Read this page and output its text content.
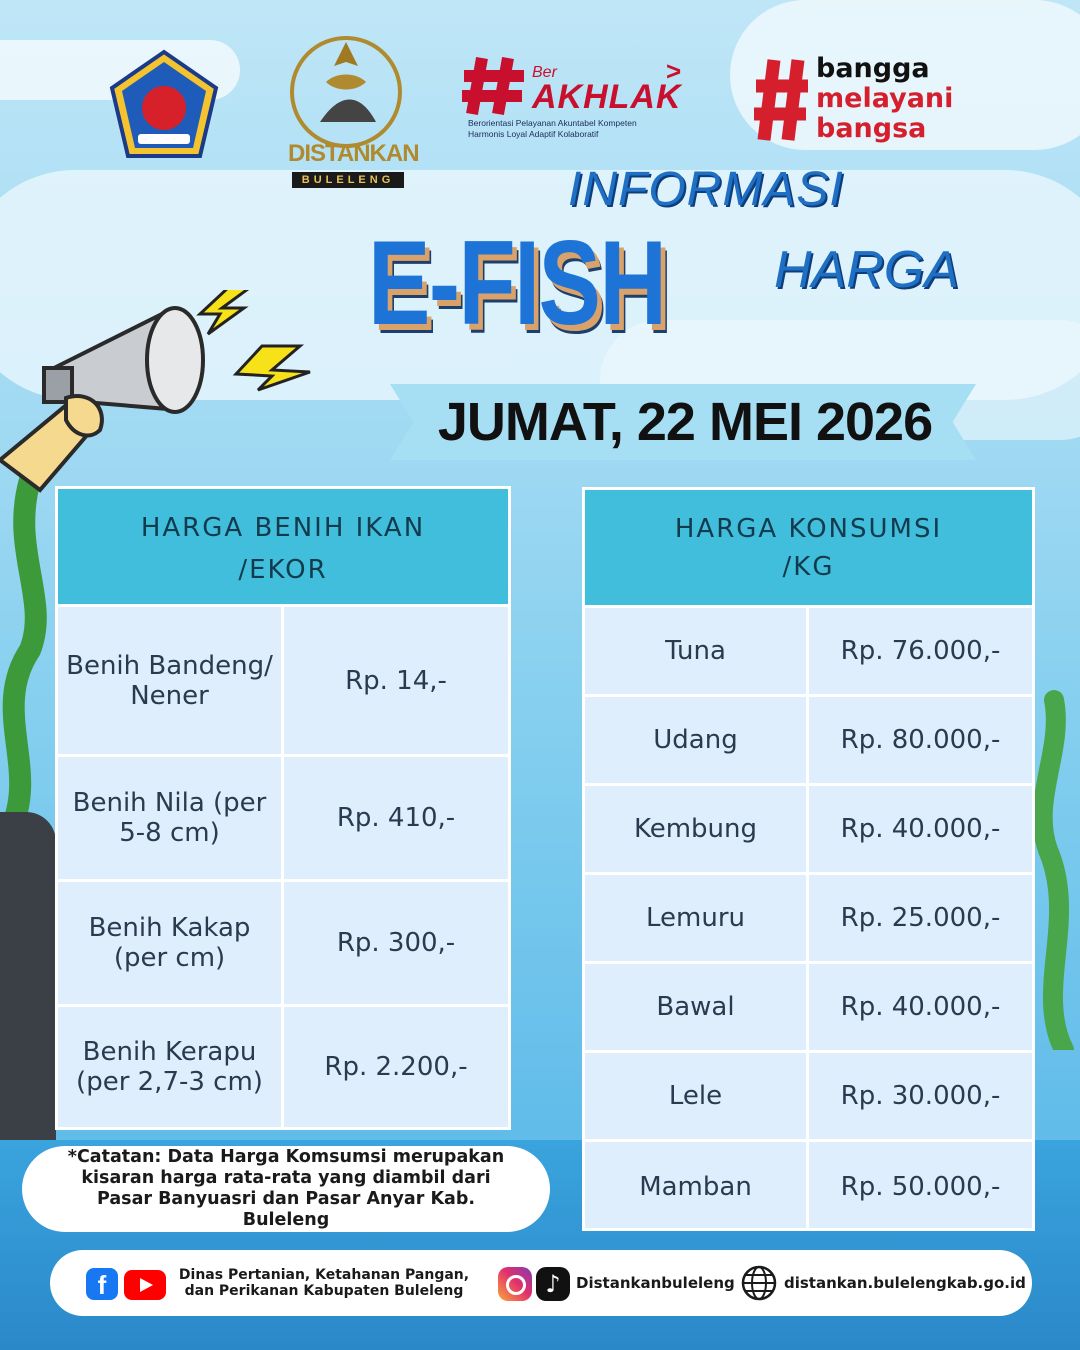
DISTANKAN
BULELENG
Ber
AKHLAK
>
Berorientasi Pelayanan Akuntabel Kompeten
Harmonis Loyal Adaptif Kolaboratif
bangga
melayani
bangsa
INFORMASI
E-FISH HARGA
JUMAT, 22 MEI 2026
HARGA BENIH IKAN
/EKOR
Benih Bandeng/ Nener	Rp. 14,-
Benih Nila (per 5-8 cm)	Rp. 410,-
Benih Kakap (per cm)	Rp. 300,-
Benih Kerapu (per 2,7-3 cm)	Rp. 2.200,-
HARGA KONSUMSI
/KG
Tuna	Rp. 76.000,-
Udang	Rp. 80.000,-
Kembung	Rp. 40.000,-
Lemuru	Rp. 25.000,-
Bawal	Rp. 40.000,-
Lele	Rp. 30.000,-
Mamban	Rp. 50.000,-
*Catatan: Data Harga Komsumsi merupakan kisaran harga rata-rata yang diambil dari Pasar Banyuasri dan Pasar Anyar Kab. Buleleng
f	Dinas Pertanian, Ketahanan Pangan, dan Perikanan Kabupaten Buleleng	♪	Distankanbuleleng	distankan.bulelengkab.go.id
